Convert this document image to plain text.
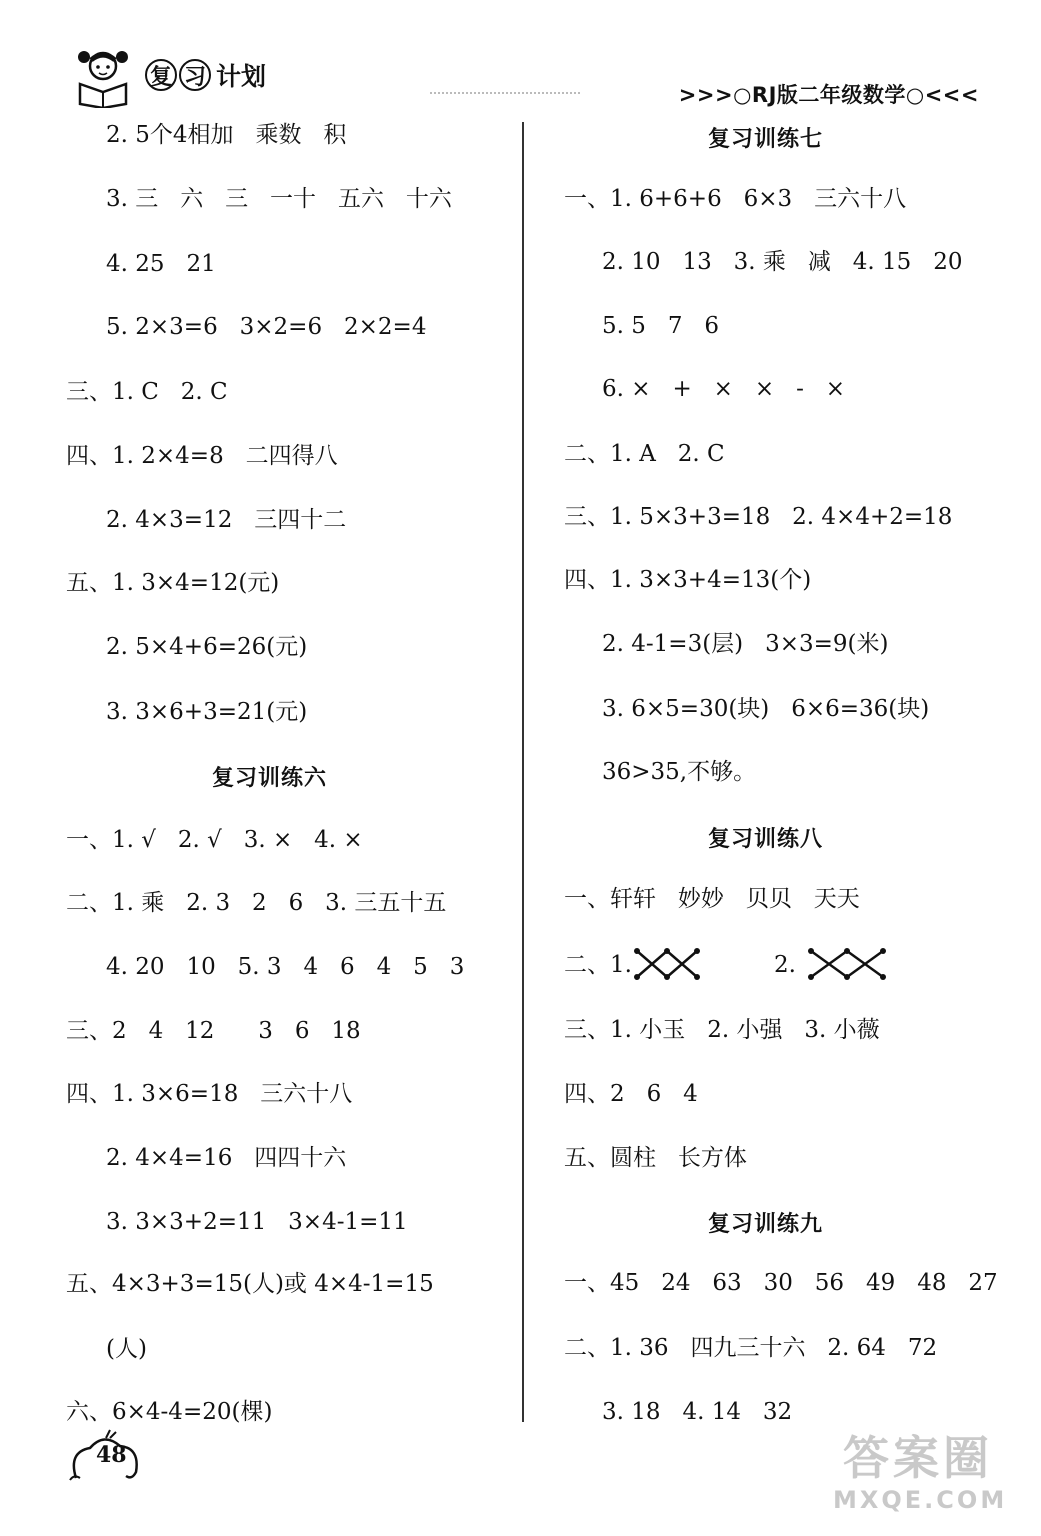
复 习 计划
>>>○RJ版二年级数学○<<<
2. 5个4相加   乘数   积
3. 三   六   三   一十   五六   十六
4. 25   21
5. 2×3=6   3×2=6   2×2=4
三、1. C   2. C
四、1. 2×4=8   二四得八
2. 4×3=12   三四十二
五、1. 3×4=12(元)
2. 5×4+6=26(元)
3. 3×6+3=21(元)
复习训练六
一、1. √   2. √   3. ×   4. ×
二、1. 乘   2. 3   2   6   3. 三五十五
4. 20   10   5. 3   4   6   4   5   3
三、2   4   12      3   6   18
四、1. 3×6=18   三六十八
2. 4×4=16   四四十六
3. 3×3+2=11   3×4-1=11
五、4×3+3=15(人)或 4×4-1=15
(人)
六、6×4-4=20(棵)
复习训练七
一、1. 6+6+6   6×3   三六十八
2. 10   13   3. 乘   减   4. 15   20
5. 5   7   6
6. ×   +   ×   ×   -   ×
二、1. A   2. C
三、1. 5×3+3=18   2. 4×4+2=18
四、1. 3×3+4=13(个)
2. 4-1=3(层)   3×3=9(米)
3. 6×5=30(块)   6×6=36(块)
36>35,不够。
复习训练八
一、轩轩   妙妙   贝贝   天天
二、1.	2.
三、1. 小玉   2. 小强   3. 小薇
四、2   6   4
五、圆柱   长方体
复习训练九
一、45   24   63   30   56   49   48   27
二、1. 36   四九三十六   2. 64   72
3. 18   4. 14   32
48	答案圈
MXQE.COM
